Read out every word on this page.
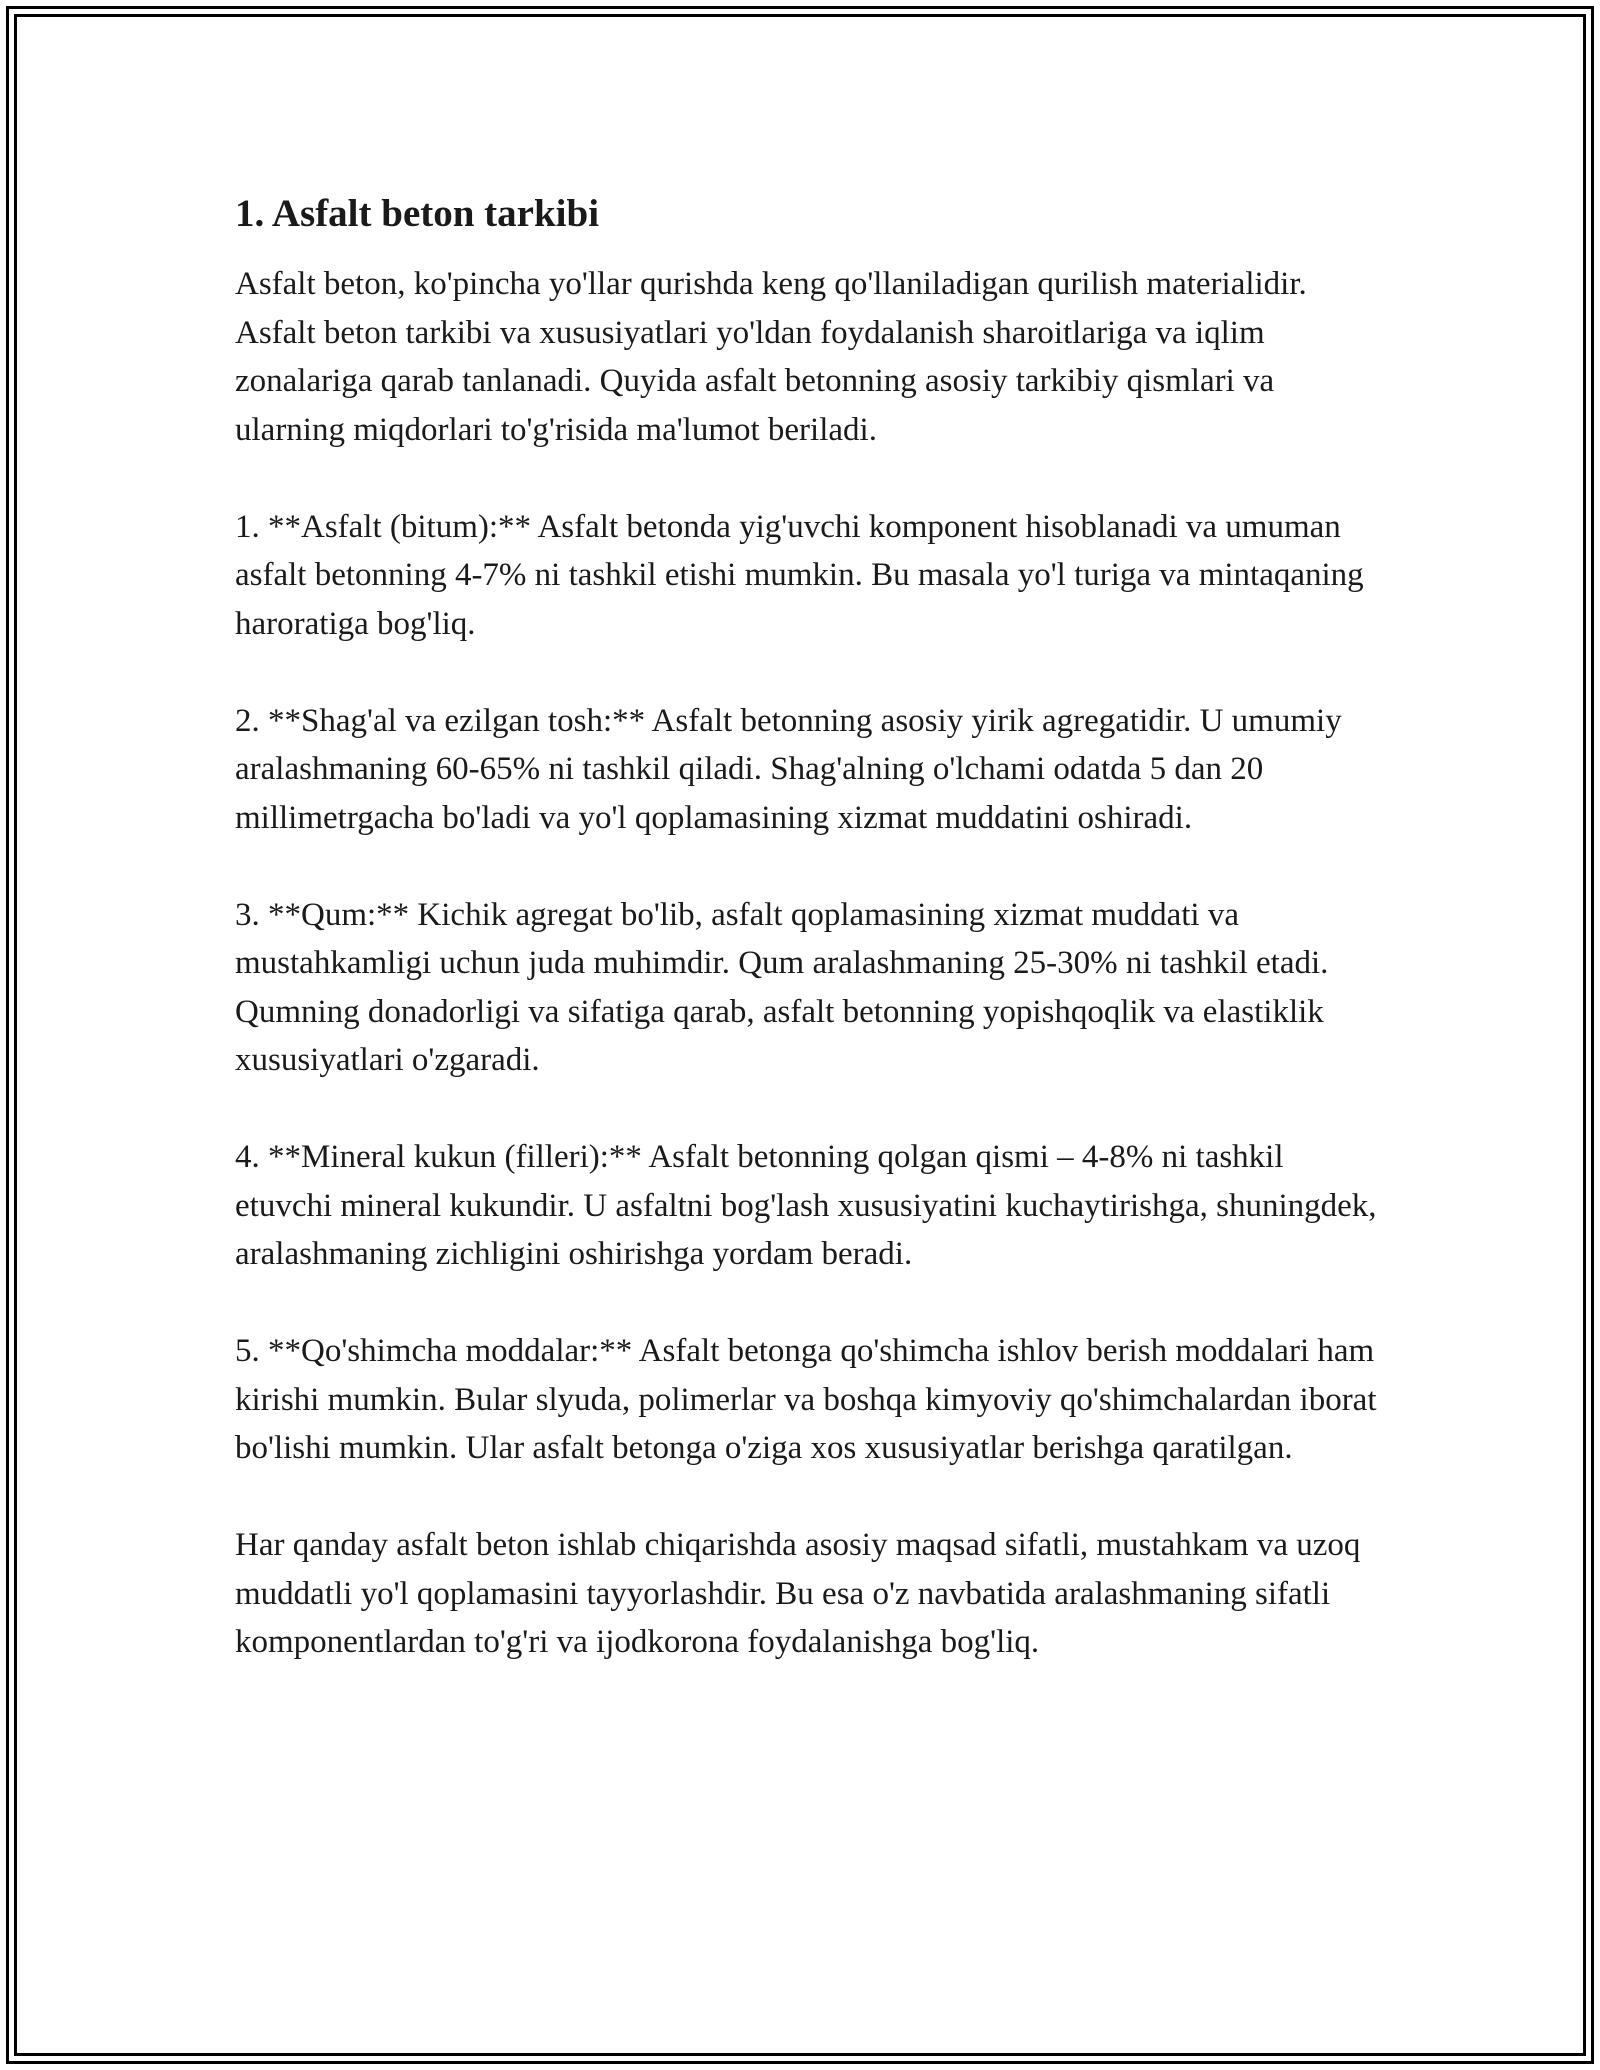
1. Asfalt beton tarkibi

Asfalt beton, ko'pincha yo'llar qurishda keng qo'llaniladigan qurilish materialidir. Asfalt beton tarkibi va xususiyatlari yo'ldan foydalanish sharoitlariga va iqlim zonalariga qarab tanlanadi. Quyida asfalt betonning asosiy tarkibiy qismlari va ularning miqdorlari to'g'risida ma'lumot beriladi.

1. **Asfalt (bitum):** Asfalt betonda yig'uvchi komponent hisoblanadi va umuman asfalt betonning 4-7% ni tashkil etishi mumkin. Bu masala yo'l turiga va mintaqaning haroratiga bog'liq.

2. **Shag'al va ezilgan tosh:** Asfalt betonning asosiy yirik agregatidir. U umumiy aralashmaning 60-65% ni tashkil qiladi. Shag'alning o'lchami odatda 5 dan 20 millimetrgacha bo'ladi va yo'l qoplamasining xizmat muddatini oshiradi.

3. **Qum:** Kichik agregat bo'lib, asfalt qoplamasining xizmat muddati va mustahkamligi uchun juda muhimdir. Qum aralashmaning 25-30% ni tashkil etadi. Qumning donadorligi va sifatiga qarab, asfalt betonning yopishqoqlik va elastiklik xususiyatlari o'zgaradi.

4. **Mineral kukun (filleri):** Asfalt betonning qolgan qismi – 4-8% ni tashkil etuvchi mineral kukundir. U asfaltni bog'lash xususiyatini kuchaytirishga, shuningdek, aralashmaning zichligini oshirishga yordam beradi.

5. **Qo'shimcha moddalar:** Asfalt betonga qo'shimcha ishlov berish moddalari ham kirishi mumkin. Bular slyuda, polimerlar va boshqa kimyoviy qo'shimchalardan iborat bo'lishi mumkin. Ular asfalt betonga o'ziga xos xususiyatlar berishga qaratilgan.

Har qanday asfalt beton ishlab chiqarishda asosiy maqsad sifatli, mustahkam va uzoq muddatli yo'l qoplamasini tayyorlashdir. Bu esa o'z navbatida aralashmaning sifatli komponentlardan to'g'ri va ijodkorona foydalanishga bog'liq.
